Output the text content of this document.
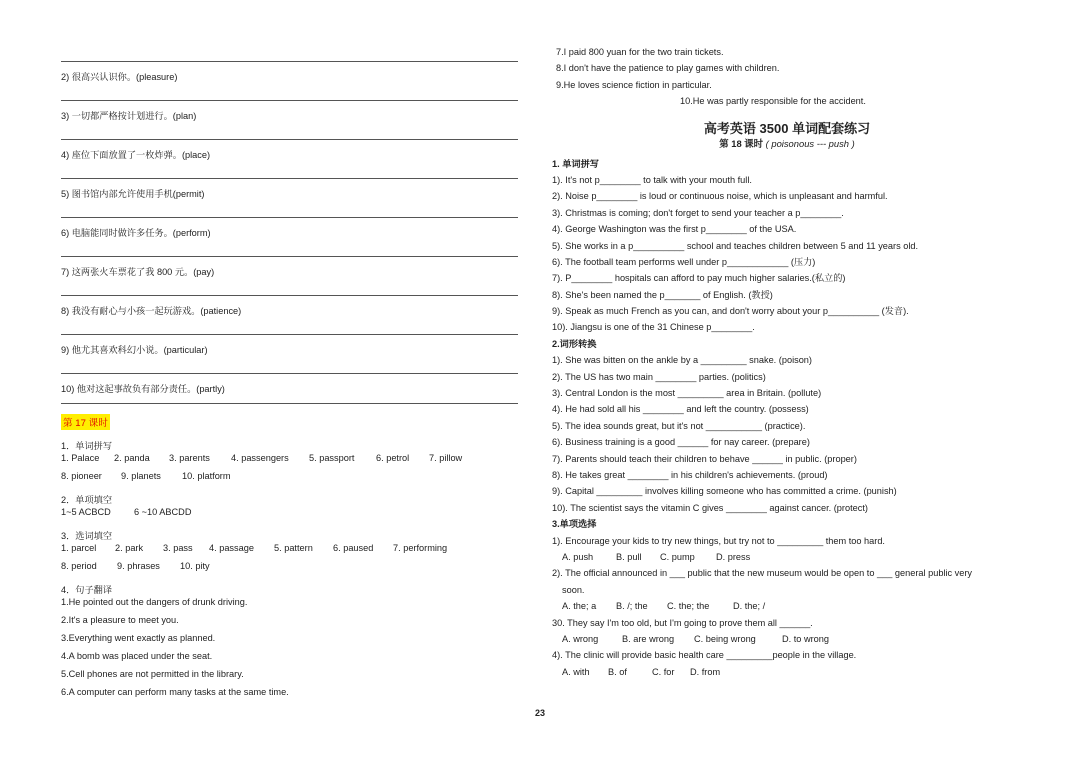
2) 很高兴认识你。(pleasure)
3) 一切都严格按计划进行。(plan)
4) 座位下面放置了一枚炸弹。(place)
5) 图书馆内部允许使用手机(permit)
6) 电脑能同时做许多任务。(perform)
7) 这两张火车票花了我 800 元。(pay)
8) 我没有耐心与小孩一起玩游戏。(patience)
9) 他尤其喜欢科幻小说。(particular)
10) 他对这起事故负有部分责任。(partly)
第 17 课时
1．单词拼写
1. Palace 2. panda 3. parents 4. passengers 5. passport 6. petrol 7. pillow
8. pioneer 9. planets 10. platform
2．单项填空
1~5 ACBCD	6 ~10 ABCDD
3．选词填空
1. parcel 2. park 3. pass 4. passage 5. pattern 6. paused 7. performing
8. period 9. phrases 10. pity
4．句子翻译
1.He pointed out the dangers of drunk driving.
2.It's a pleasure to meet you.
3.Everything went exactly as planned.
4.A bomb was placed under the seat.
5.Cell phones are not permitted in the library.
6.A computer can perform many tasks at the same time.
7.I paid 800 yuan for the two train tickets.
8.I don't have the patience to play games with children.
9.He loves science fiction in particular.
10.He was partly responsible for the accident.
高考英语 3500 单词配套练习
第 18 课时 ( poisonous --- push )
1. 单词拼写
1). It's not p________ to talk with your mouth full.
2). Noise p________ is loud or continuous noise, which is unpleasant and harmful.
3). Christmas is coming; don't forget to send your teacher a p________.
4). George Washington was the first p________ of the USA.
5). She works in a p__________ school and teaches children between 5 and 11 years old.
6). The football team performs well under p____________ (压力)
7). P________ hospitals can afford to pay much higher salaries.(私立的)
8). She's been named the p_______ of English. (教授)
9). Speak as much French as you can, and don't worry about your p__________ (发音).
10). Jiangsu is one of the 31 Chinese p________.
2.词形转换
1). She was bitten on the ankle by a _________ snake. (poison)
2). The US has two main ________ parties. (politics)
3). Central London is the most _________ area in Britain. (pollute)
4). He had sold all his ________ and left the country. (possess)
5). The idea sounds great, but it's not ___________ (practice).
6). Business training is a good ______ for nay career. (prepare)
7). Parents should teach their children to behave ______ in public. (proper)
8). He takes great ________ in his children's achievements. (proud)
9). Capital _________ involves killing someone who has committed a crime. (punish)
10). The scientist says the vitamin C gives ________ against cancer. (protect)
3.单项选择
1). Encourage your kids to try new things, but try not to _________ them too hard.
A. push B. pull C. pump D. press
2). The official announced in ___ public that the new museum would be open to ___ general public very
soon.
A. the; a B. /; the C. the; the	D. the; /
30. They say I'm too old, but I'm going to prove them all ______.
A. wrong	B. are wrong C. being wrong	D. to wrong
4). The clinic will provide basic health care _________people in the village.
A. with B. of	C. for D. from
23
